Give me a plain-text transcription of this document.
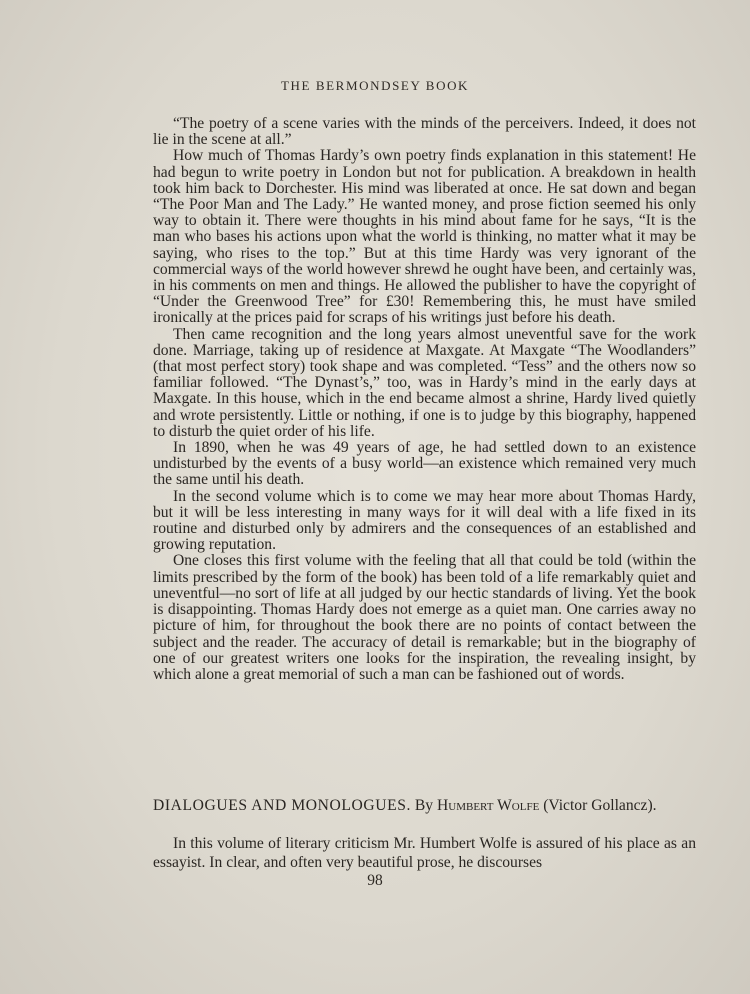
THE BERMONDSEY BOOK

“The poetry of a scene varies with the minds of the perceivers. Indeed, it does not lie in the scene at all.”

How much of Thomas Hardy’s own poetry finds explanation in this statement! He had begun to write poetry in London but not for publication. A breakdown in health took him back to Dorchester. His mind was liberated at once. He sat down and began “The Poor Man and The Lady.” He wanted money, and prose fiction seemed his only way to obtain it. There were thoughts in his mind about fame for he says, “It is the man who bases his actions upon what the world is thinking, no matter what it may be saying, who rises to the top.” But at this time Hardy was very ignorant of the commercial ways of the world however shrewd he ought have been, and certainly was, in his comments on men and things. He allowed the publisher to have the copyright of “Under the Greenwood Tree” for £30! Remembering this, he must have smiled ironically at the prices paid for scraps of his writings just before his death.

Then came recognition and the long years almost uneventful save for the work done. Marriage, taking up of residence at Maxgate. At Maxgate “The Woodlanders” (that most perfect story) took shape and was completed. “Tess” and the others now so familiar followed. “The Dynast’s,” too, was in Hardy’s mind in the early days at Maxgate. In this house, which in the end became almost a shrine, Hardy lived quietly and wrote persistently. Little or nothing, if one is to judge by this biography, happened to disturb the quiet order of his life.

In 1890, when he was 49 years of age, he had settled down to an existence undisturbed by the events of a busy world—an existence which remained very much the same until his death.

In the second volume which is to come we may hear more about Thomas Hardy, but it will be less interesting in many ways for it will deal with a life fixed in its routine and disturbed only by admirers and the consequences of an established and growing reputation.

One closes this first volume with the feeling that all that could be told (within the limits prescribed by the form of the book) has been told of a life remarkably quiet and uneventful—no sort of life at all judged by our hectic standards of living. Yet the book is disappointing. Thomas Hardy does not emerge as a quiet man. One carries away no picture of him, for throughout the book there are no points of contact between the subject and the reader. The accuracy of detail is remarkable; but in the biography of one of our greatest writers one looks for the inspiration, the revealing insight, by which alone a great memorial of such a man can be fashioned out of words.

DIALOGUES AND MONOLOGUES. By Humbert Wolfe (Victor Gollancz).

In this volume of literary criticism Mr. Humbert Wolfe is assured of his place as an essayist. In clear, and often very beautiful prose, he discourses

98
